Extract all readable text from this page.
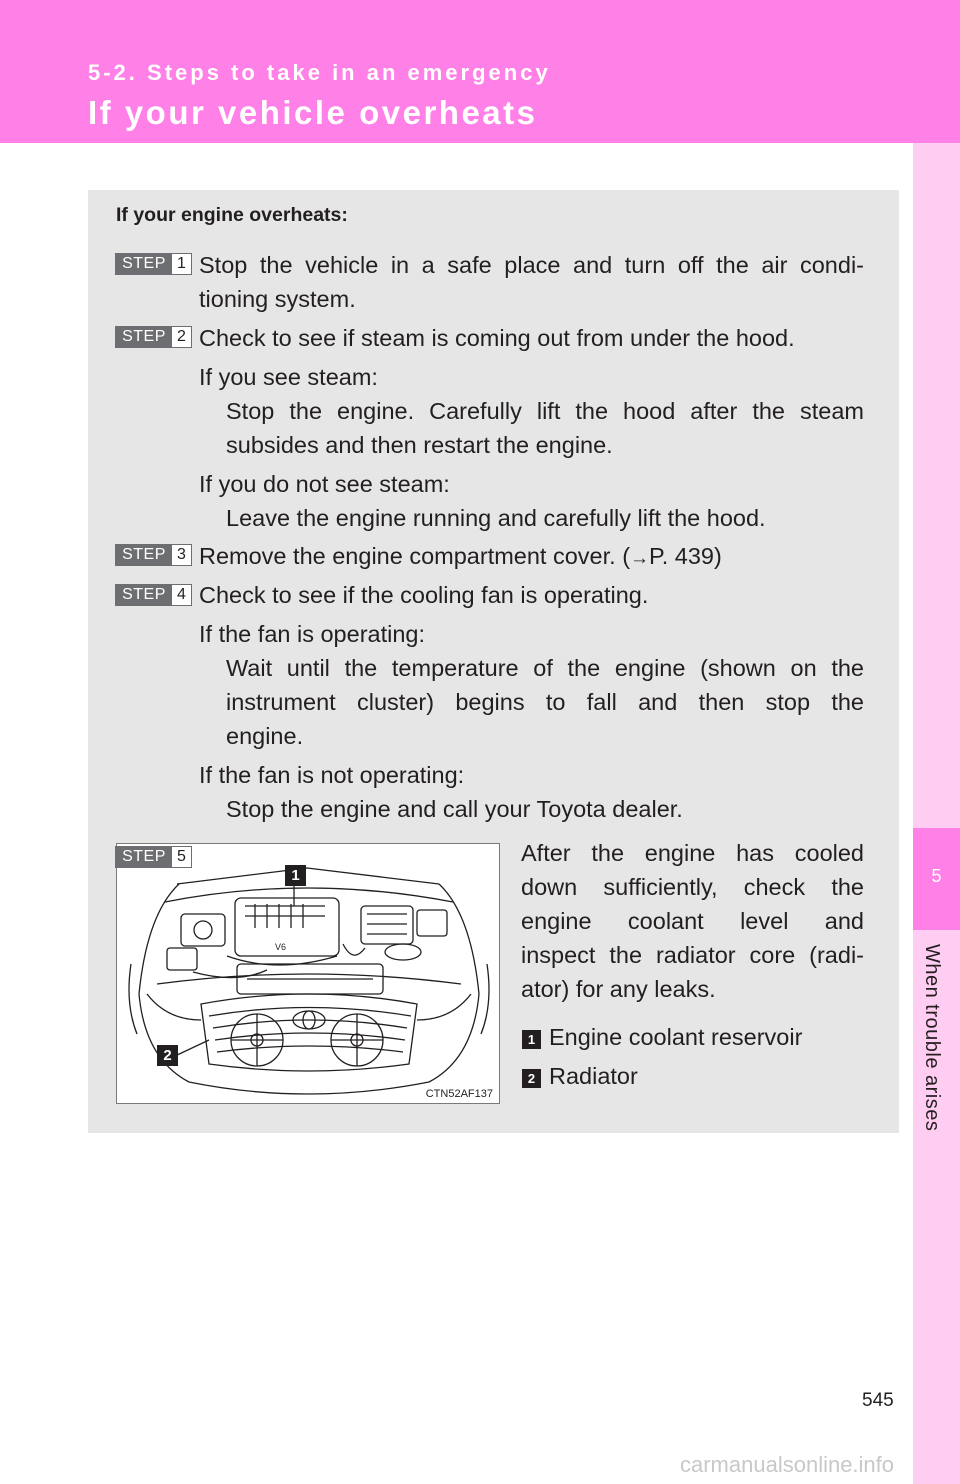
5-2. Steps to take in an emergency
If your vehicle overheats
5
When trouble arises
If your engine overheats:
STEP 1 Stop the vehicle in a safe place and turn off the air condi-
tioning system.
STEP 2 Check to see if steam is coming out from under the hood.
If you see steam:
Stop the engine. Carefully lift the hood after the steam
subsides and then restart the engine.
If you do not see steam:
Leave the engine running and carefully lift the hood.
STEP 3 Remove the engine compartment cover. (→P. 439)
STEP 4 Check to see if the cooling fan is operating.
If the fan is operating:
Wait until the temperature of the engine (shown on the
instrument cluster) begins to fall and then stop the
engine.
If the fan is not operating:
Stop the engine and call your Toyota dealer.
V6
1
2
CTN52AF137
STEP 5	After the engine has cooled
down sufficiently, check the
engine coolant level and
inspect the radiator core (radi-
ator) for any leaks.
1 Engine coolant reservoir
2 Radiator
545
carmanualsonline.info
